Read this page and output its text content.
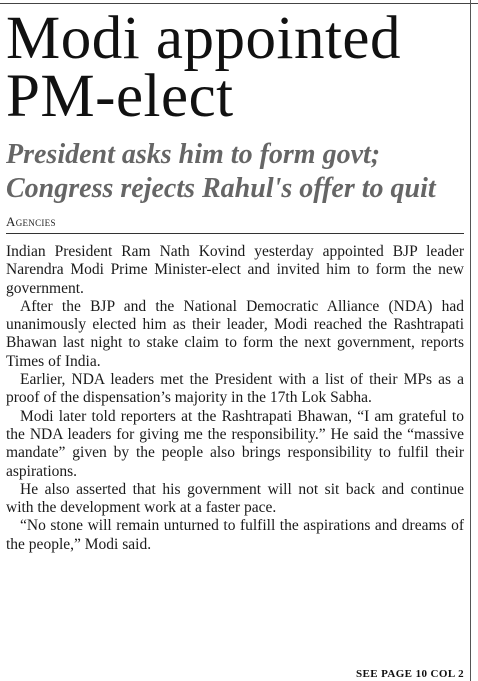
Modi appointed PM-elect
President asks him to form govt;
Congress rejects Rahul's offer to quit
Agencies

Indian President Ram Nath Kovind yesterday appointed BJP leader Narendra Modi Prime Minister-elect and invited him to form the new government.

After the BJP and the National Democratic Alliance (NDA) had unanimously elected him as their leader, Modi reached the Rashtrapati Bhawan last night to stake claim to form the next government, reports Times of India.

Earlier, NDA leaders met the President with a list of their MPs as a proof of the dispensation’s majority in the 17th Lok Sabha.

Modi later told reporters at the Rashtrapati Bhawan, “I am grateful to the NDA leaders for giving me the responsibility.” He said the “massive mandate” given by the people also brings responsibility to fulfil their aspirations.

He also asserted that his government will not sit back and continue with the development work at a faster pace.

“No stone will remain unturned to fulfill the aspirations and dreams of the people,” Modi said.

SEE PAGE 10 COL 2
